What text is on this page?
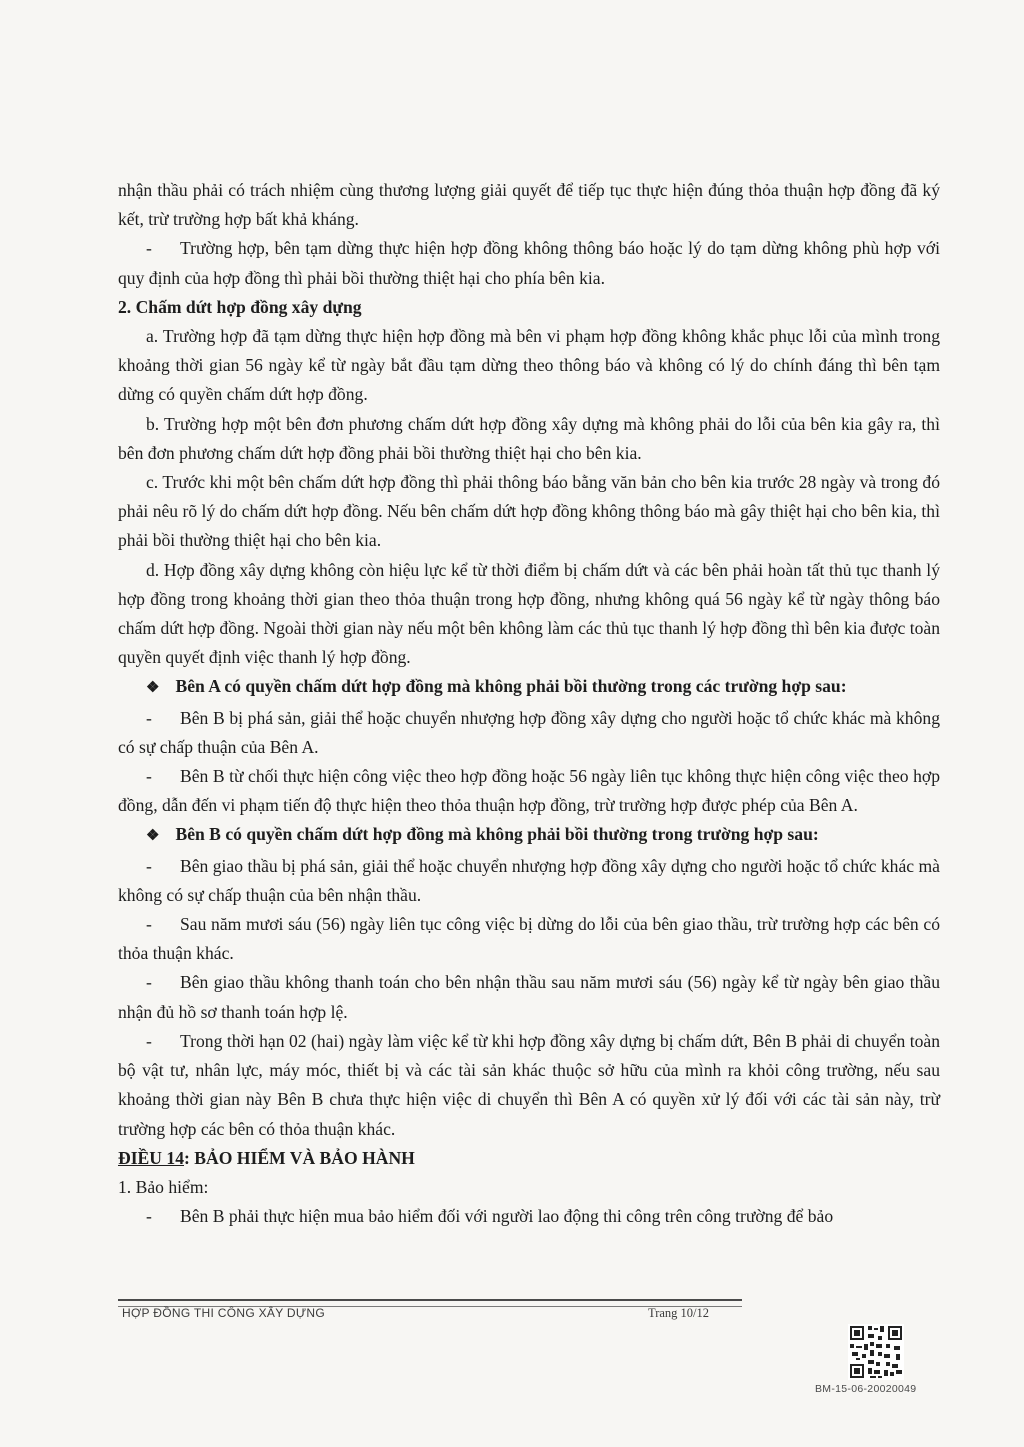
nhận thầu phải có trách nhiệm cùng thương lượng giải quyết để tiếp tục thực hiện đúng thỏa thuận hợp đồng đã ký kết, trừ trường hợp bất khả kháng.

- Trường hợp, bên tạm dừng thực hiện hợp đồng không thông báo hoặc lý do tạm dừng không phù hợp với quy định của hợp đồng thì phải bồi thường thiệt hại cho phía bên kia.

2. Chấm dứt hợp đồng xây dựng

a. Trường hợp đã tạm dừng thực hiện hợp đồng mà bên vi phạm hợp đồng không khắc phục lỗi của mình trong khoảng thời gian 56 ngày kể từ ngày bắt đầu tạm dừng theo thông báo và không có lý do chính đáng thì bên tạm dừng có quyền chấm dứt hợp đồng.

b. Trường hợp một bên đơn phương chấm dứt hợp đồng xây dựng mà không phải do lỗi của bên kia gây ra, thì bên đơn phương chấm dứt hợp đồng phải bồi thường thiệt hại cho bên kia.

c. Trước khi một bên chấm dứt hợp đồng thì phải thông báo bằng văn bản cho bên kia trước 28 ngày và trong đó phải nêu rõ lý do chấm dứt hợp đồng. Nếu bên chấm dứt hợp đồng không thông báo mà gây thiệt hại cho bên kia, thì phải bồi thường thiệt hại cho bên kia.

d. Hợp đồng xây dựng không còn hiệu lực kể từ thời điểm bị chấm dứt và các bên phải hoàn tất thủ tục thanh lý hợp đồng trong khoảng thời gian theo thỏa thuận trong hợp đồng, nhưng không quá 56 ngày kể từ ngày thông báo chấm dứt hợp đồng. Ngoài thời gian này nếu một bên không làm các thủ tục thanh lý hợp đồng thì bên kia được toàn quyền quyết định việc thanh lý hợp đồng.

❖ Bên A có quyền chấm dứt hợp đồng mà không phải bồi thường trong các trường hợp sau:

- Bên B bị phá sản, giải thể hoặc chuyển nhượng hợp đồng xây dựng cho người hoặc tổ chức khác mà không có sự chấp thuận của Bên A.

- Bên B từ chối thực hiện công việc theo hợp đồng hoặc 56 ngày liên tục không thực hiện công việc theo hợp đồng, dẫn đến vi phạm tiến độ thực hiện theo thỏa thuận hợp đồng, trừ trường hợp được phép của Bên A.

❖ Bên B có quyền chấm dứt hợp đồng mà không phải bồi thường trong trường hợp sau:

- Bên giao thầu bị phá sản, giải thể hoặc chuyển nhượng hợp đồng xây dựng cho người hoặc tổ chức khác mà không có sự chấp thuận của bên nhận thầu.

- Sau năm mươi sáu (56) ngày liên tục công việc bị dừng do lỗi của bên giao thầu, trừ trường hợp các bên có thỏa thuận khác.

- Bên giao thầu không thanh toán cho bên nhận thầu sau năm mươi sáu (56) ngày kể từ ngày bên giao thầu nhận đủ hồ sơ thanh toán hợp lệ.

- Trong thời hạn 02 (hai) ngày làm việc kể từ khi hợp đồng xây dựng bị chấm dứt, Bên B phải di chuyển toàn bộ vật tư, nhân lực, máy móc, thiết bị và các tài sản khác thuộc sở hữu của mình ra khỏi công trường, nếu sau khoảng thời gian này Bên B chưa thực hiện việc di chuyển thì Bên A có quyền xử lý đối với các tài sản này, trừ trường hợp các bên có thỏa thuận khác.

ĐIỀU 14: BẢO HIỂM VÀ BẢO HÀNH

1. Bảo hiểm:

- Bên B phải thực hiện mua bảo hiểm đối với người lao động thi công trên công trường để bảo

HỢP ĐỒNG THI CÔNG XÂY DỰNG	Trang 10/12
BM-15-06-20020049
